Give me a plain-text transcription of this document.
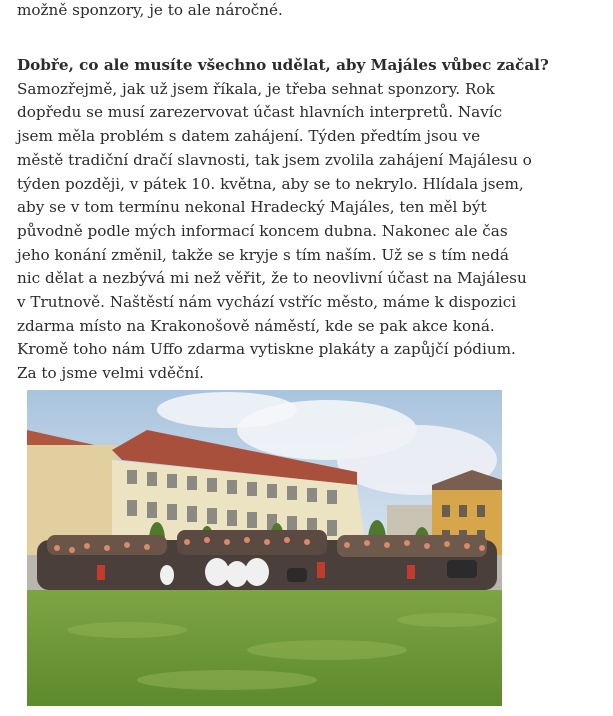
možně sponzory, je to ale náročné.

Dobře, co ale musíte všechno udělat, aby Majáles vůbec začal?

Samozřejmě, jak už jsem říkala, je třeba sehnat sponzory. Rok
dopředu se musí zarezervovat účast hlavních interpretů. Navíc
jsem měla problém s datem zahájení. Týden předtím jsou ve
městě tradiční dračí slavnosti, tak jsem zvolila zahájení Majálesu o
týden později, v pátek 10. května, aby se to nekrylo. Hlídala jsem,
aby se v tom termínu nekonal Hradecký Majáles, ten měl být
původně podle mých informací koncem dubna. Nakonec ale čas
jeho konání změnil, takže se kryje s tím naším. Už se s tím nedá
nic dělat a nezbývá mi než věřit, že to neovlivní účast na Majálesu
v Trutnově. Naštěstí nám vychází vstříc město, máme k dispozici
zdarma místo na Krakonošově náměstí, kde se pak akce koná.
Kromě toho nám Uffo zdarma vytiskne plakáty a zapůjčí pódium.
Za to jsme velmi vděční.
